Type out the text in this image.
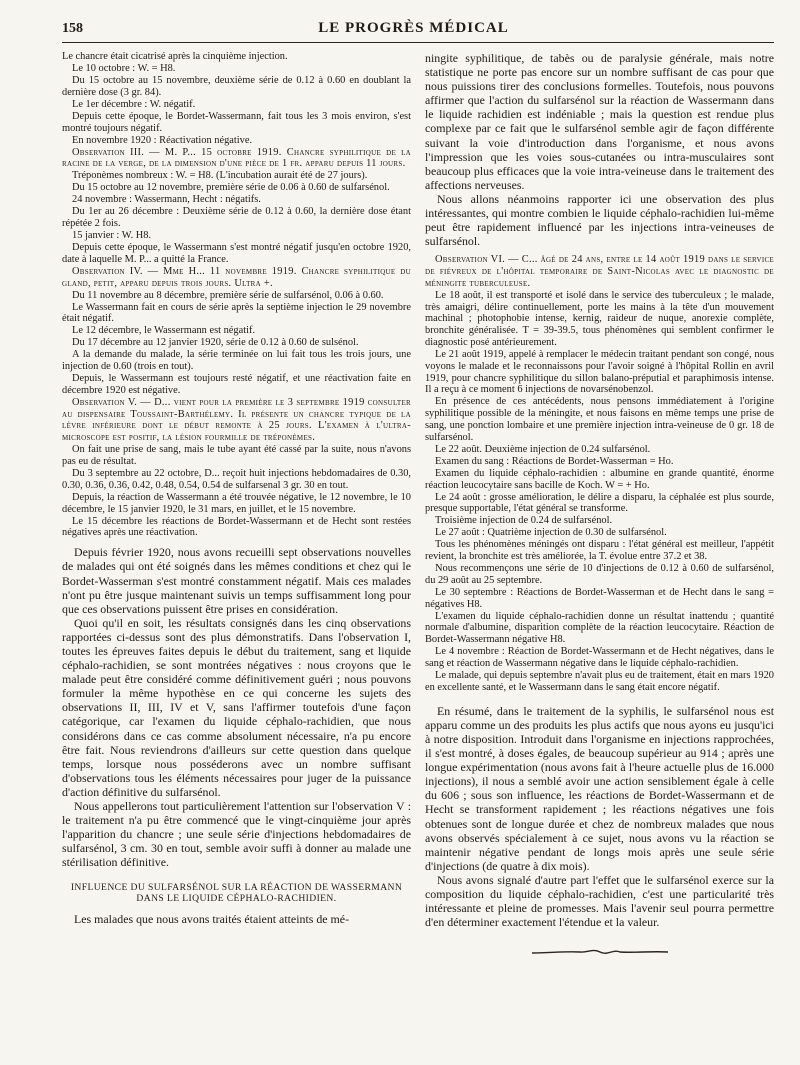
158	LE PROGRÈS MÉDICAL

Le chancre était cicatrisé après la cinquième injection.

Le 10 octobre : W. = H8.

Du 15 octobre au 15 novembre, deuxième série de 0.12 à 0.60 en doublant la dernière dose (3 gr. 84).

Le 1er décembre : W. négatif.

Depuis cette époque, le Bordet-Wassermann, fait tous les 3 mois environ, s'est montré toujours négatif.

En novembre 1920 : Réactivation négative.

Observation III. — M. P... 15 octobre 1919. Chancre syphilitique de la racine de la verge, de la dimension d'une pièce de 1 fr. apparu depuis 11 jours.

Tréponèmes nombreux : W. = H8. (L'incubation aurait été de 27 jours).

Du 15 octobre au 12 novembre, première série de 0.06 à 0.60 de sulfarsénol.

24 novembre : Wassermann, Hecht : négatifs.

Du 1er au 26 décembre : Deuxième série de 0.12 à 0.60, la dernière dose étant répétée 2 fois.

15 janvier : W. H8.

Depuis cette époque, le Wassermann s'est montré négatif jusqu'en octobre 1920, date à laquelle M. P... a quitté la France.

Observation IV. — Mme H... 11 novembre 1919. Chancre syphilitique du gland, petit, apparu depuis trois jours. Ultra +.

Du 11 novembre au 8 décembre, première série de sulfarsénol, 0.06 à 0.60.

Le Wassermann fait en cours de série après la septième injection le 29 novembre était négatif.

Le 12 décembre, le Wassermann est négatif.

Du 17 décembre au 12 janvier 1920, série de 0.12 à 0.60 de sulsénol.

A la demande du malade, la série terminée on lui fait tous les trois jours, une injection de 0.60 (trois en tout).

Depuis, le Wassermann est toujours resté négatif, et une réactivation faite en décembre 1920 est négative.

Observation V. — D... vient pour la première le 3 septembre 1919 consulter au dispensaire Toussaint-Barthélemy. Il présente un chancre typique de la lèvre inférieure dont le début remonte à 25 jours. L'examen à l'ultra-microscope est positif, la lésion fourmille de tréponèmes.

On fait une prise de sang, mais le tube ayant été cassé par la suite, nous n'avons pas eu de résultat.

Du 3 septembre au 22 octobre, D... reçoit huit injections hebdomadaires de 0.30, 0.30, 0.36, 0.36, 0.42, 0.48, 0.54, 0.54 de sulfarsenal 3 gr. 30 en tout.

Depuis, la réaction de Wassermann a été trouvée négative, le 12 novembre, le 10 décembre, le 15 janvier 1920, le 31 mars, en juillet, et le 15 novembre.

Le 15 décembre les réactions de Bordet-Wassermann et de Hecht sont restées négatives après une réactivation.

Depuis février 1920, nous avons recueilli sept observations nouvelles de malades qui ont été soignés dans les mêmes conditions et chez qui le Bordet-Wasserman s'est montré constamment négatif. Mais ces malades n'ont pu être jusque maintenant suivis un temps suffisamment long pour que ces observations puissent être prises en considération.

Quoi qu'il en soit, les résultats consignés dans les cinq observations rapportées ci-dessus sont des plus démonstratifs. Dans l'observation I, toutes les épreuves faites depuis le début du traitement, sang et liquide céphalo-rachidien, se sont montrées négatives : nous croyons que le malade peut être considéré comme définitivement guéri ; nous pouvons formuler la même hypothèse en ce qui concerne les sujets des observations II, III, IV et V, sans l'affirmer toutefois d'une façon catégorique, car l'examen du liquide céphalo-rachidien, que nous considérons dans ce cas comme absolument nécessaire, n'a pu encore être fait. Nous reviendrons d'ailleurs sur cette question dans quelque temps, lorsque nous posséderons avec un nombre suffisant d'observations tous les éléments nécessaires pour juger de la puissance d'action définitive du sulfarsénol.

Nous appellerons tout particulièrement l'attention sur l'observation V : le traitement n'a pu être commencé que le vingt-cinquième jour après l'apparition du chancre ; une seule série d'injections hebdomadaires de sulfarsénol, 3 cm. 30 en tout, semble avoir suffi à donner au malade une stérilisation définitive.

INFLUENCE DU SULFARSÉNOL SUR LA RÉACTION DE WASSERMANN DANS LE LIQUIDE CÉPHALO-RACHIDIEN.

Les malades que nous avons traités étaient atteints de mé-

ningite syphilitique, de tabès ou de paralysie générale, mais notre statistique ne porte pas encore sur un nombre suffisant de cas pour que nous puissions tirer des conclusions formelles. Toutefois, nous pouvons affirmer que l'action du sulfarsénol sur la réaction de Wassermann dans le liquide rachidien est indéniable ; mais la question est rendue plus complexe par ce fait que le sulfarsénol semble agir de façon différente suivant la voie d'introduction dans l'organisme, et nous avons l'impression que les voies sous-cutanées ou intra-musculaires sont beaucoup plus efficaces que la voie intra-veineuse dans le traitement des affections nerveuses.

Nous allons néanmoins rapporter ici une observation des plus intéressantes, qui montre combien le liquide céphalo-rachidien lui-même peut être rapidement influencé par les injections intra-veineuses de sulfarsénol.

Observation VI. — C... âgé de 24 ans, entre le 14 août 1919 dans le service de fiévreux de l'hôpital temporaire de Saint-Nicolas avec le diagnostic de méningite tuberculeuse.

Le 18 août, il est transporté et isolé dans le service des tuberculeux ; le malade, très amaigri, délire continuellement, porte les mains à la tête d'un mouvement machinal ; photophobie intense, kernig, raideur de nuque, anorexie complète, bronchite généralisée. T = 39-39.5, tous phénomènes qui semblent confirmer le diagnostic posé antérieurement.

Le 21 août 1919, appelé à remplacer le médecin traitant pendant son congé, nous voyons le malade et le reconnaissons pour l'avoir soigné à l'hôpital Rollin en avril 1919, pour chancre syphilitique du sillon balano-préputial et paraphimosis intense. Il a reçu à ce moment 6 injections de novarsénobenzol.

En présence de ces antécédents, nous pensons immédiatement à l'origine syphilitique possible de la méningite, et nous faisons en même temps une prise de sang, une ponction lombaire et une première injection intra-veineuse de 0 gr. 18 de sulfarsénol.

Le 22 août. Deuxième injection de 0.24 sulfarsénol.

Examen du sang : Réactions de Bordet-Wasserman = Ho.

Examen du liquide céphalo-rachidien : albumine en grande quantité, énorme réaction leucocytaire sans bacille de Koch. W = + Ho.

Le 24 août : grosse amélioration, le délire a disparu, la céphalée est plus sourde, presque supportable, l'état général se transforme.

Troisième injection de 0.24 de sulfarsénol.

Le 27 août : Quatrième injection de 0.30 de sulfarsénol.

Tous les phénomènes méningés ont disparu : l'état général est meilleur, l'appétit revient, la bronchite est très améliorée, la T. évolue entre 37.2 et 38.

Nous recommençons une série de 10 d'injections de 0.12 à 0.60 de sulfarsénol, du 29 août au 25 septembre.

Le 30 septembre : Réactions de Bordet-Wasserman et de Hecht dans le sang = négatives H8.

L'examen du liquide céphalo-rachidien donne un résultat inattendu ; quantité normale d'albumine, disparition complète de la réaction leucocytaire. Réaction de Bordet-Wassermann négative H8.

Le 4 novembre : Réaction de Bordet-Wassermann et de Hecht négatives, dans le sang et réaction de Wassermann négative dans le liquide céphalo-rachidien.

Le malade, qui depuis septembre n'avait plus eu de traitement, était en mars 1920 en excellente santé, et le Wassermann dans le sang était encore négatif.

En résumé, dans le traitement de la syphilis, le sulfarsénol nous est apparu comme un des produits les plus actifs que nous ayons eu jusqu'ici à notre disposition. Introduit dans l'organisme en injections rapprochées, il s'est montré, à doses égales, de beaucoup supérieur au 914 ; après une longue expérimentation (nous avons fait à l'heure actuelle plus de 16.000 injections), il nous a semblé avoir une action sensiblement égale à celle du 606 ; sous son influence, les réactions de Bordet-Wassermann et de Hecht se transforment rapidement ; les réactions négatives une fois obtenues sont de longue durée et chez de nombreux malades que nous avons observés spécialement à ce sujet, nous avons vu la réaction se maintenir négative pendant de longs mois après une seule série d'injections (de quatre à dix mois).

Nous avons signalé d'autre part l'effet que le sulfarsénol exerce sur la composition du liquide céphalo-rachidien, c'est une particularité très intéressante et pleine de promesses. Mais l'avenir seul pourra permettre d'en déterminer exactement l'étendue et la valeur.
